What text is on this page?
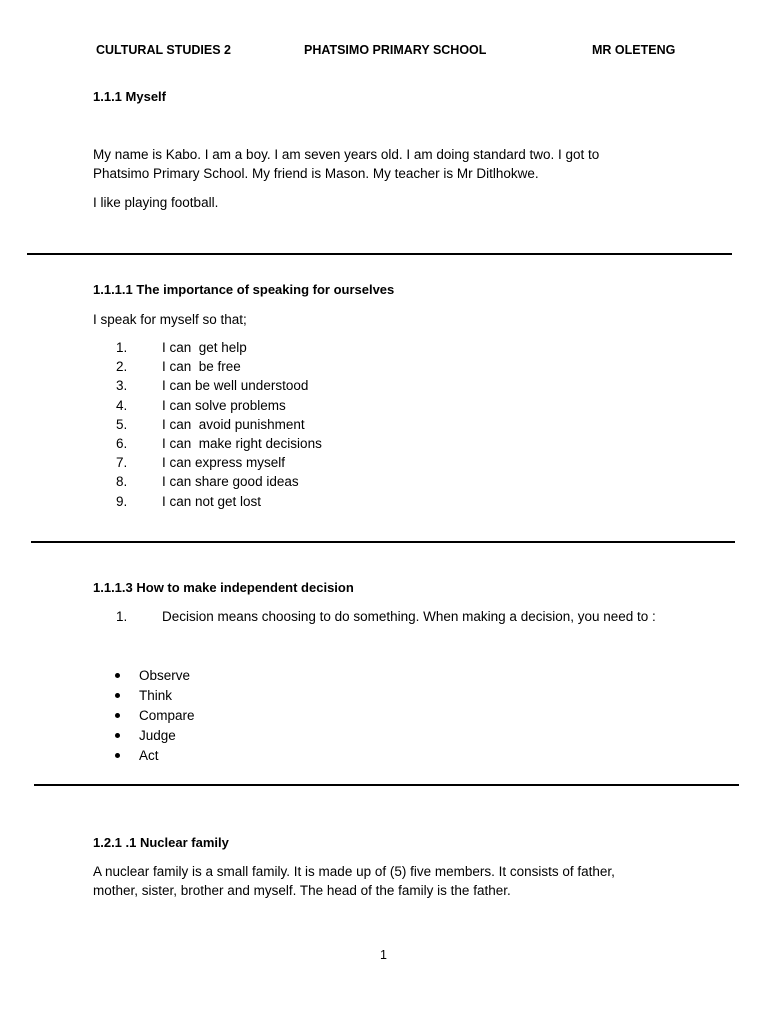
CULTURAL STUDIES 2	PHATSIMO PRIMARY SCHOOL	MR OLETENG
1.1.1 Myself
My name is Kabo. I am a boy. I am seven years old. I am doing standard two. I got to
Phatsimo Primary School. My friend is Mason. My teacher is Mr Ditlhokwe.
I like playing football.
1.1.1.1 The importance of speaking for ourselves
I speak for myself so that;
1.	I can  get help
2.	I can  be free
3.	I can be well understood
4.	I can solve problems
5.	I can  avoid punishment
6.	I can  make right decisions
7.	I can express myself
8.	I can share good ideas
9.	I can not get lost
1.1.1.3 How to make independent decision
1.	Decision means choosing to do something. When making a decision, you need to :
Observe
Think
Compare
Judge
Act
1.2.1 .1 Nuclear family
A nuclear family is a small family. It is made up of (5) five members. It consists of father,
mother, sister, brother and myself. The head of the family is the father.
1
